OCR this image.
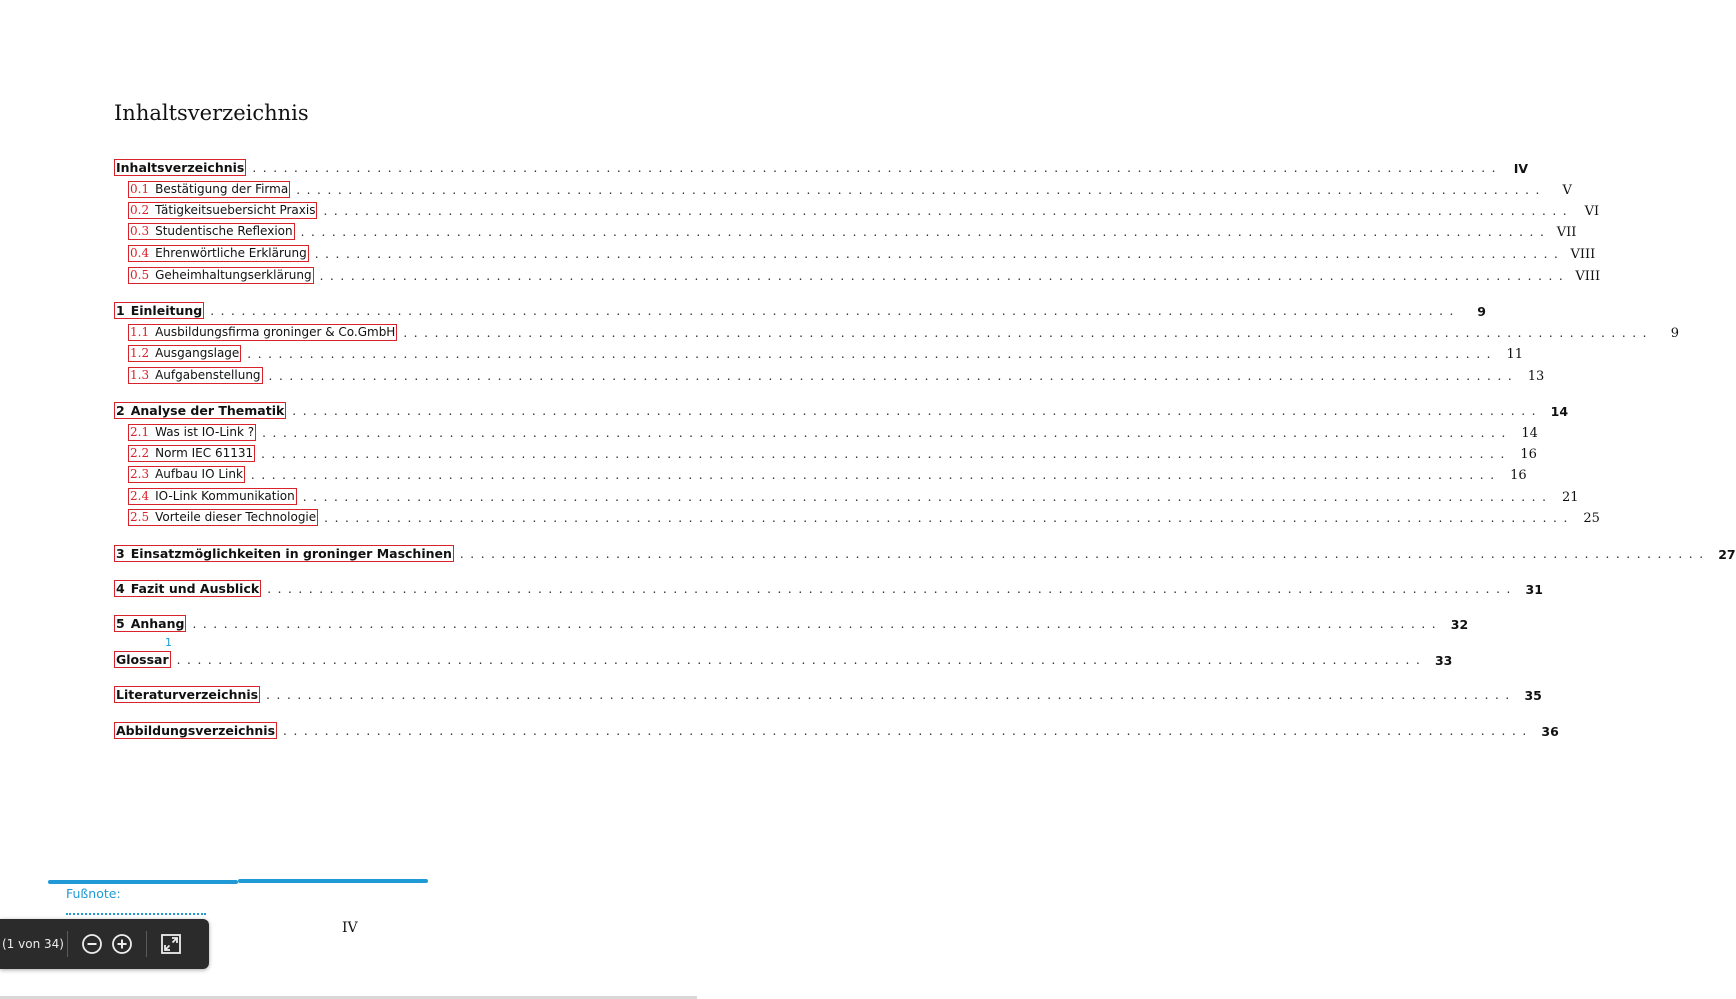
Inhaltsverzeichnis
Inhaltsverzeichnis ........................................................................................................................ IV
0.1 Bestätigung der Firma ........................................................................................................................	V
0.2 Tätigkeitsuebersicht Praxis ........................................................................................................................ VI
0.3 Studentische Reflexion ........................................................................................................................ VII
0.4 Ehrenwörtliche Erklärung ........................................................................................................................ VIII
0.5 Geheimhaltungserklärung ........................................................................................................................ VIII
1 Einleitung ........................................................................................................................	9
1.1 Ausbildungsfirma groninger & Co.GmbH ........................................................................................................................	9
1.2 Ausgangslage ........................................................................................................................ 11
1.3 Aufgabenstellung ........................................................................................................................ 13
2 Analyse der Thematik ........................................................................................................................ 14
2.1 Was ist IO-Link ? ........................................................................................................................ 14
2.2 Norm IEC 61131 ........................................................................................................................ 16
2.3 Aufbau IO Link ........................................................................................................................ 16
2.4 IO-Link Kommunikation ........................................................................................................................ 21
2.5 Vorteile dieser Technologie ........................................................................................................................ 25
3 Einsatzmöglichkeiten in groninger Maschinen ........................................................................................................................ 27
4 Fazit und Ausblick ........................................................................................................................ 31
5 Anhang ........................................................................................................................ 32
Glossar ........................................................................................................................ 33
Literaturverzeichnis ........................................................................................................................ 35
Abbildungsverzeichnis ........................................................................................................................ 36
1
Fußnote:
IV
(1 von 34)
